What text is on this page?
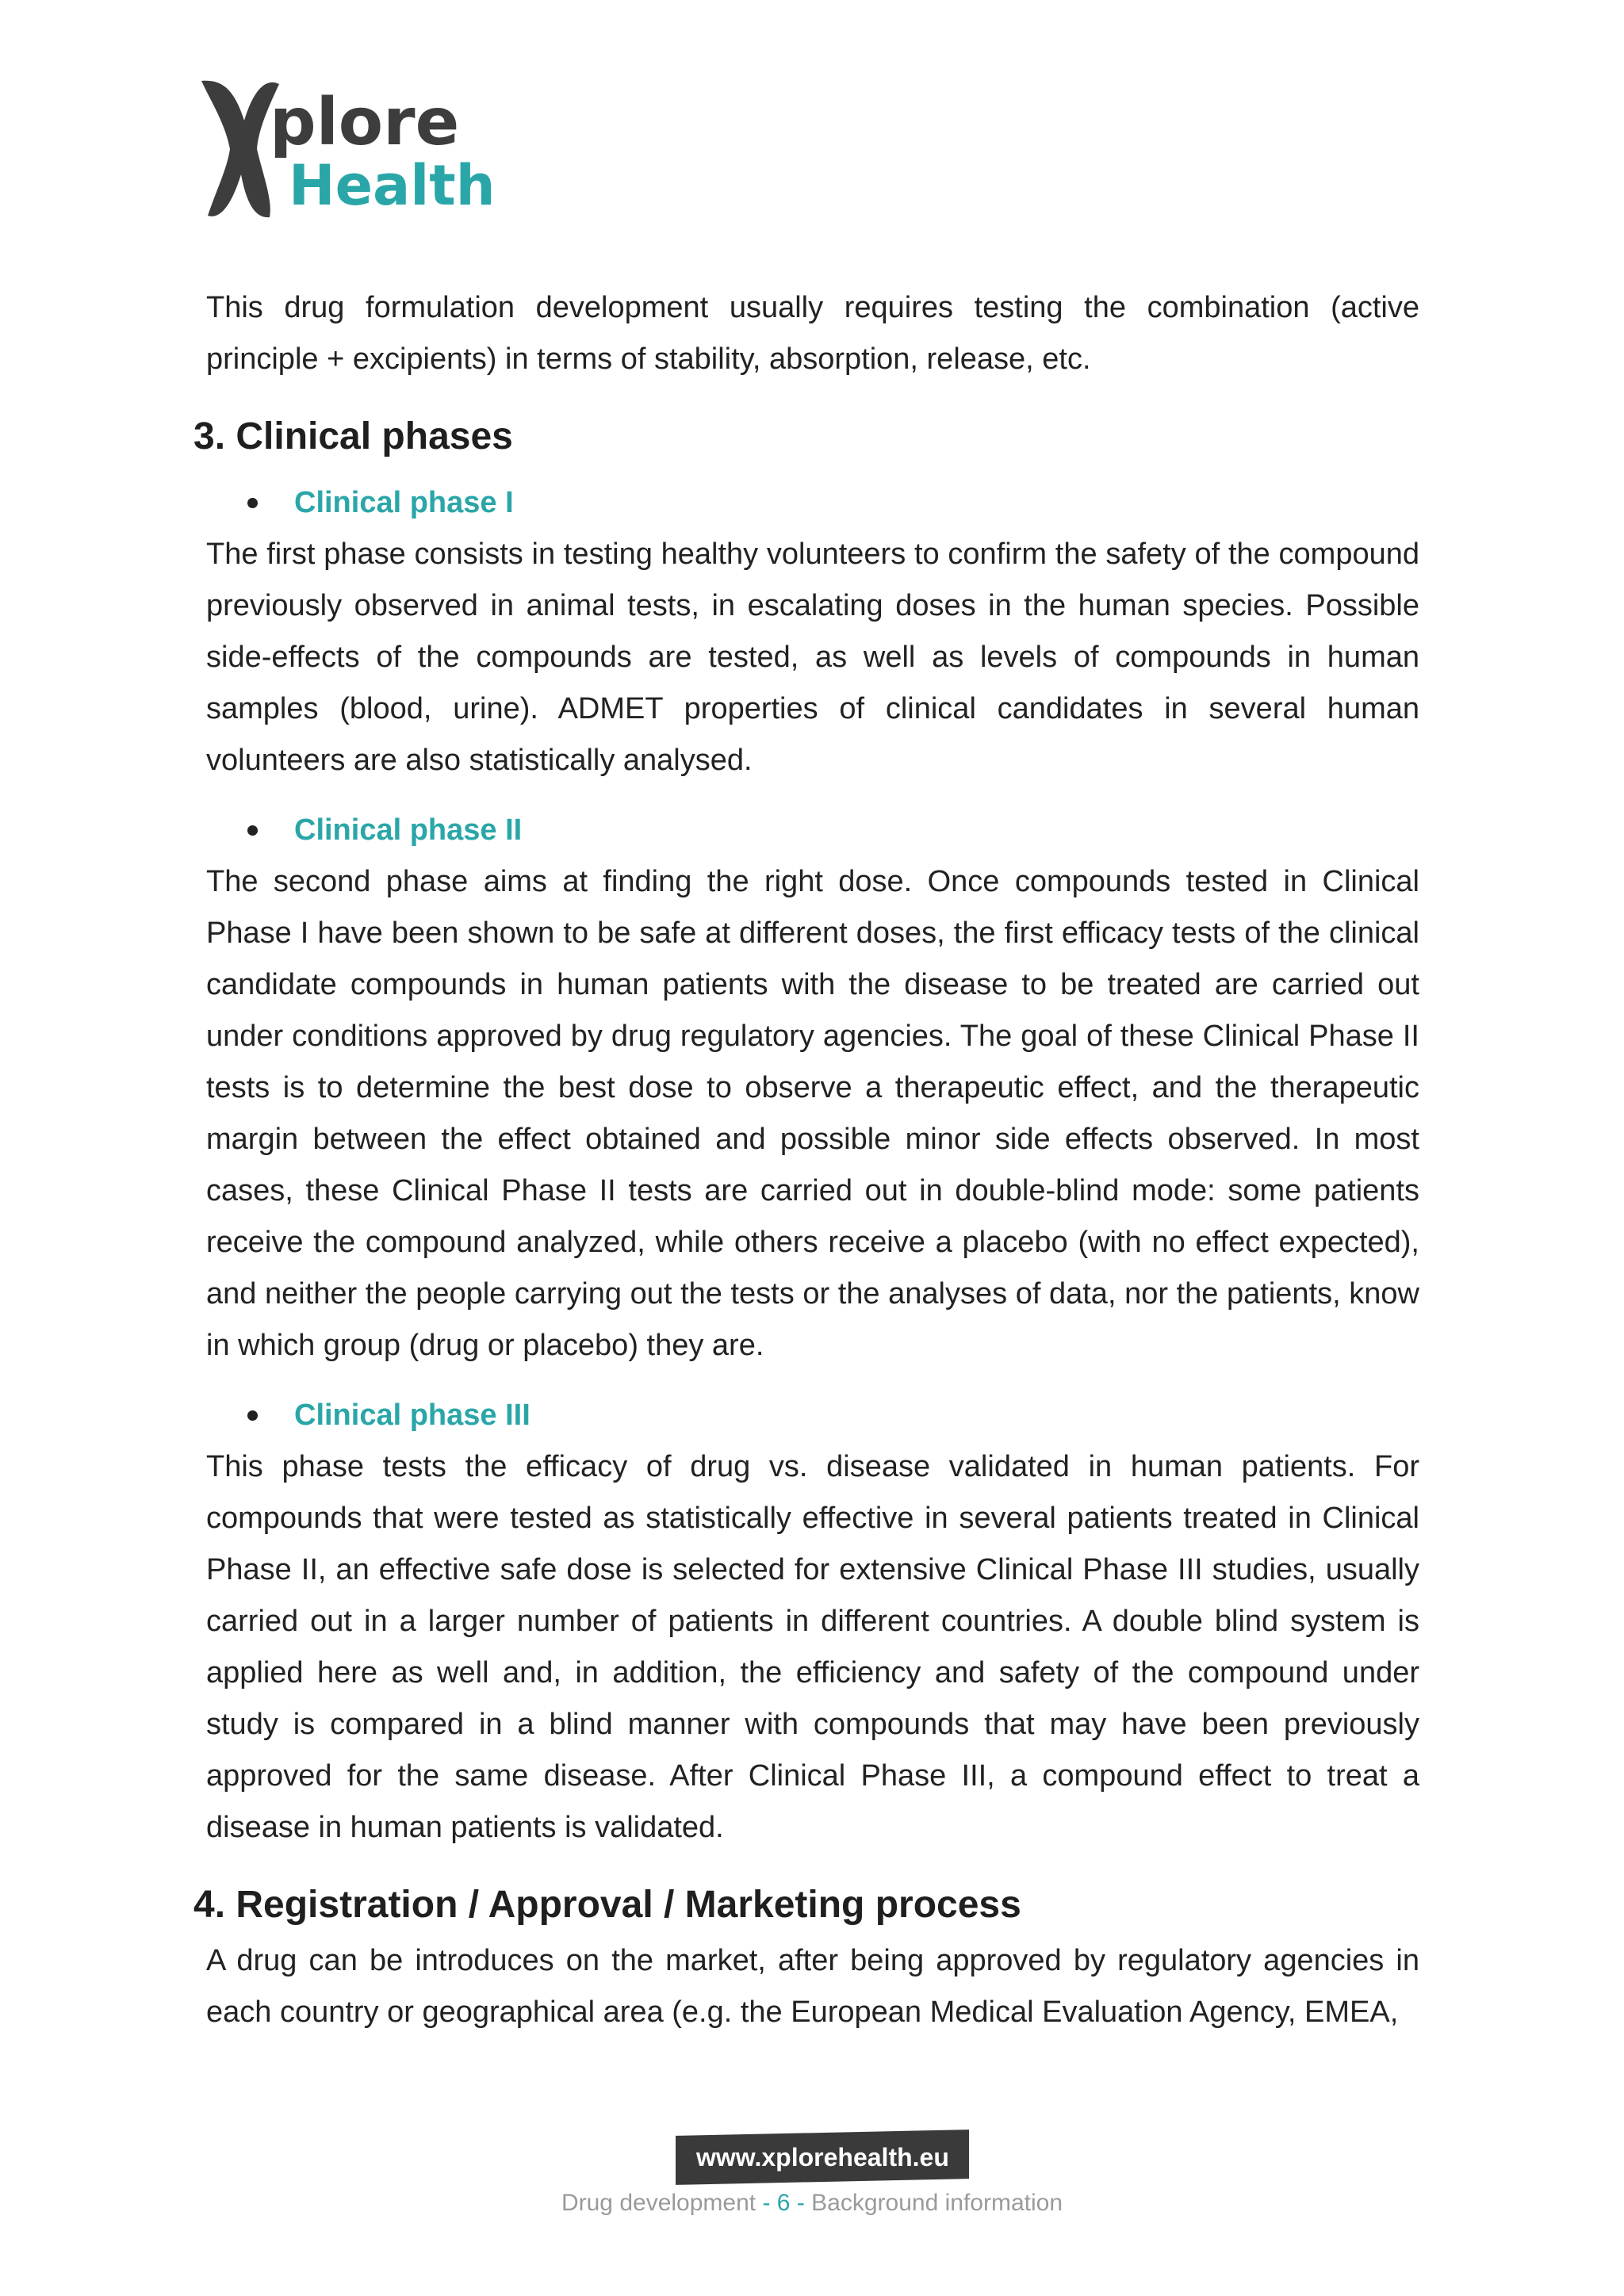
plore
Health

This drug formulation development usually requires testing the combination (active principle + excipients) in terms of stability, absorption, release, etc.

3. Clinical phases
Clinical phase I

The first phase consists in testing healthy volunteers to confirm the safety of the compound previously observed in animal tests, in escalating doses in the human species. Possible side-effects of the compounds are tested, as well as levels of compounds in human samples (blood, urine). ADMET properties of clinical candidates in several human volunteers are also statistically analysed.

Clinical phase II

The second phase aims at finding the right dose. Once compounds tested in Clinical Phase I have been shown to be safe at different doses, the first efficacy tests of the clinical candidate compounds in human patients with the disease to be treated are carried out under conditions approved by drug regulatory agencies. The goal of these Clinical Phase II tests is to determine the best dose to observe a therapeutic effect, and the therapeutic margin between the effect obtained and possible minor side effects observed. In most cases, these Clinical Phase II tests are carried out in double-blind mode: some patients receive the compound analyzed, while others receive a placebo (with no effect expected), and neither the people carrying out the tests or the analyses of data, nor the patients, know in which group (drug or placebo) they are.

Clinical phase III

This phase tests the efficacy of drug vs. disease validated in human patients. For compounds that were tested as statistically effective in several patients treated in Clinical Phase II, an effective safe dose is selected for extensive Clinical Phase III studies, usually carried out in a larger number of patients in different countries. A double blind system is applied here as well and, in addition, the efficiency and safety of the compound under study is compared in a blind manner with compounds that may have been previously approved for the same disease. After Clinical Phase III, a compound effect to treat a disease in human patients is validated.

4. Registration / Approval / Marketing process

A drug can be introduces on the market, after being approved by regulatory agencies in each country or geographical area (e.g. the European Medical Evaluation Agency, EMEA,

www.xplorehealth.eu
Drug development - 6 - Background information
